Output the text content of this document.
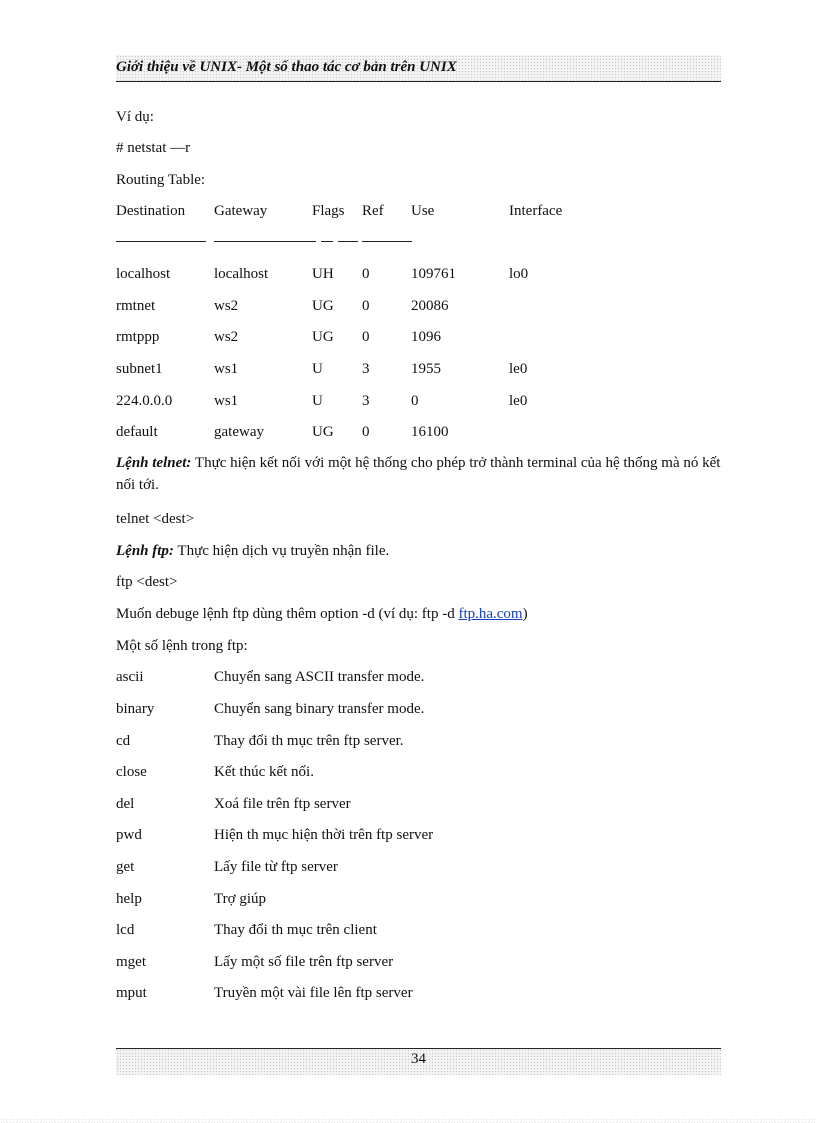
Giới thiệu về UNIX- Một số thao tác cơ bản trên UNIX
Ví dụ:
# netstat —r
Routing Table:
Destination Gateway	Flags Ref Use	Interface
localhost	localhost	UH 0	109761	lo0
rmtnet	ws2	UG 0	20086
rmtppp	ws2	UG 0	1096
subnet1	ws1	U	3	1955	le0
224.0.0.0	ws1	U	3	0	le0
default	gateway	UG 0	16100
Lệnh telnet: Thực hiện kết nối với một hệ thống cho phép trở thành terminal của hệ thống mà nó kết nối tới.
telnet <dest>
Lệnh ftp: Thực hiện dịch vụ truyền nhận file.
ftp <dest>
Muốn debuge lệnh ftp dùng thêm option -d (ví dụ: ftp -d ftp.ha.com)
Một số lệnh trong ftp:
ascii	Chuyển sang ASCII transfer mode.
binary	Chuyển sang binary transfer mode.
cd	Thay đổi th mục trên ftp server.
close	Kết thúc kết nối.
del	Xoá file trên ftp server
pwd	Hiện th mục hiện thời trên ftp server
get	Lấy file từ ftp server
help	Trợ giúp
lcd	Thay đổi th mục trên client
mget	Lấy một số file trên ftp server
mput	Truyền một vài file lên ftp server
34
